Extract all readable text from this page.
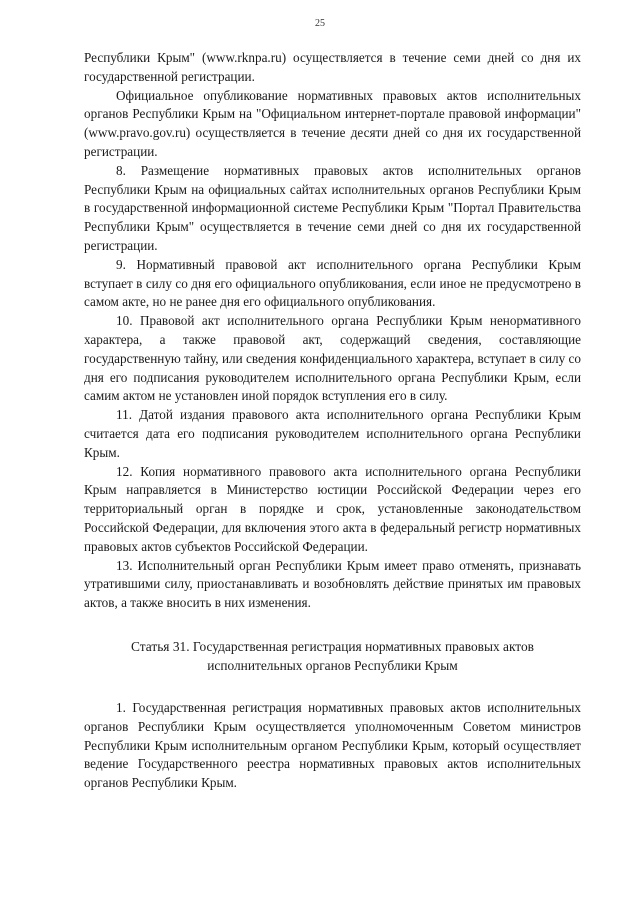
25

Республики Крым" (www.rknpa.ru) осуществляется в течение семи дней со дня их государственной регистрации.

Официальное опубликование нормативных правовых актов исполнительных органов Республики Крым на "Официальном интернет-портале правовой информации" (www.pravo.gov.ru) осуществляется в течение десяти дней со дня их государственной регистрации.

8. Размещение нормативных правовых актов исполнительных органов Республики Крым на официальных сайтах исполнительных органов Республики Крым в государственной информационной системе Республики Крым "Портал Правительства Республики Крым" осуществляется в течение семи дней со дня их государственной регистрации.

9. Нормативный правовой акт исполнительного органа Республики Крым вступает в силу со дня его официального опубликования, если иное не предусмотрено в самом акте, но не ранее дня его официального опубликования.

10. Правовой акт исполнительного органа Республики Крым ненормативного характера, а также правовой акт, содержащий сведения, составляющие государственную тайну, или сведения конфиденциального характера, вступает в силу со дня его подписания руководителем исполнительного органа Республики Крым, если самим актом не установлен иной порядок вступления его в силу.

11. Датой издания правового акта исполнительного органа Республики Крым считается дата его подписания руководителем исполнительного органа Республики Крым.

12. Копия нормативного правового акта исполнительного органа Республики Крым направляется в Министерство юстиции Российской Федерации через его территориальный орган в порядке и срок, установленные законодательством Российской Федерации, для включения этого акта в федеральный регистр нормативных правовых актов субъектов Российской Федерации.

13. Исполнительный орган Республики Крым имеет право отменять, признавать утратившими силу, приостанавливать и возобновлять действие принятых им правовых актов, а также вносить в них изменения.

Статья 31. Государственная регистрация нормативных правовых актов
исполнительных органов Республики Крым

1. Государственная регистрация нормативных правовых актов исполнительных органов Республики Крым осуществляется уполномоченным Советом министров Республики Крым исполнительным органом Республики Крым, который осуществляет ведение Государственного реестра нормативных правовых актов исполнительных органов Республики Крым.
